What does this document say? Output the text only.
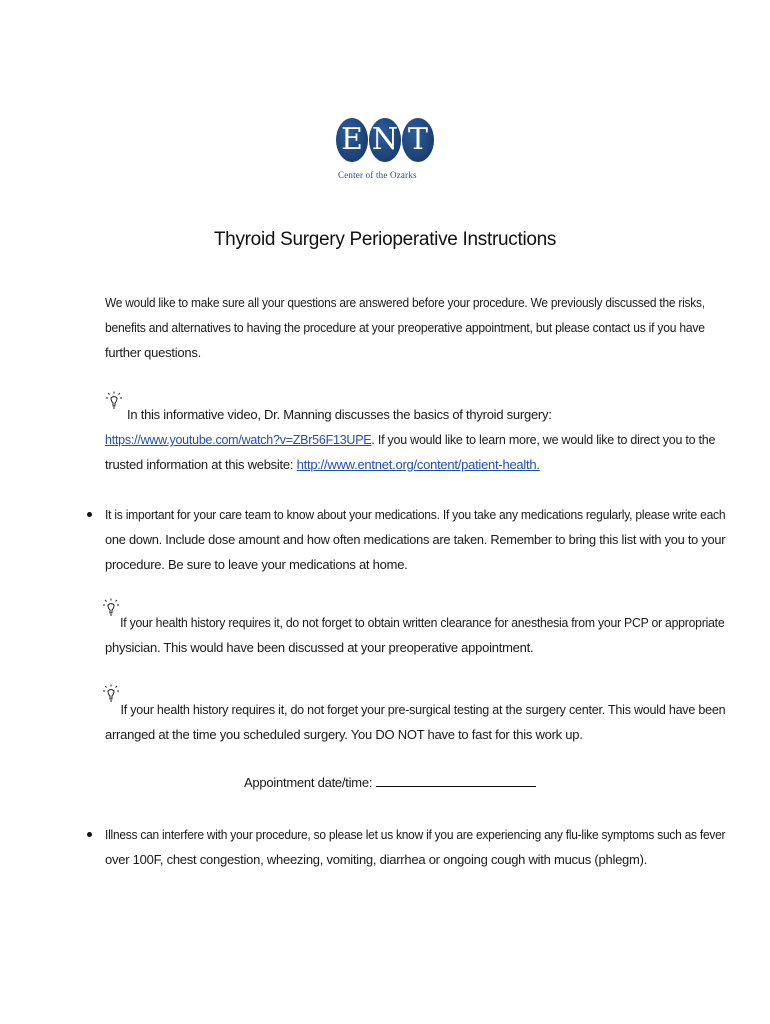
E N T
Center of the Ozarks
Thyroid Surgery Perioperative Instructions
We would like to make sure all your questions are answered before your procedure. We previously discussed the risks,
benefits and alternatives to having the procedure at your preoperative appointment, but please contact us if you have
further questions.
In this informative video, Dr. Manning discusses the basics of thyroid surgery:
https://www.youtube.com/watch?v=ZBr56F13UPE. If you would like to learn more, we would like to direct you to the
trusted information at this website: http://www.entnet.org/content/patient-health.
It is important for your care team to know about your medications. If you take any medications regularly, please write each
one down. Include dose amount and how often medications are taken. Remember to bring this list with you to your
procedure. Be sure to leave your medications at home.
If your health history requires it, do not forget to obtain written clearance for anesthesia from your PCP or appropriate
physician. This would have been discussed at your preoperative appointment.
If your health history requires it, do not forget your pre-surgical testing at the surgery center. This would have been
arranged at the time you scheduled surgery. You DO NOT have to fast for this work up.
Appointment date/time:
Illness can interfere with your procedure, so please let us know if you are experiencing any flu-like symptoms such as fever
over 100F, chest congestion, wheezing, vomiting, diarrhea or ongoing cough with mucus (phlegm).
